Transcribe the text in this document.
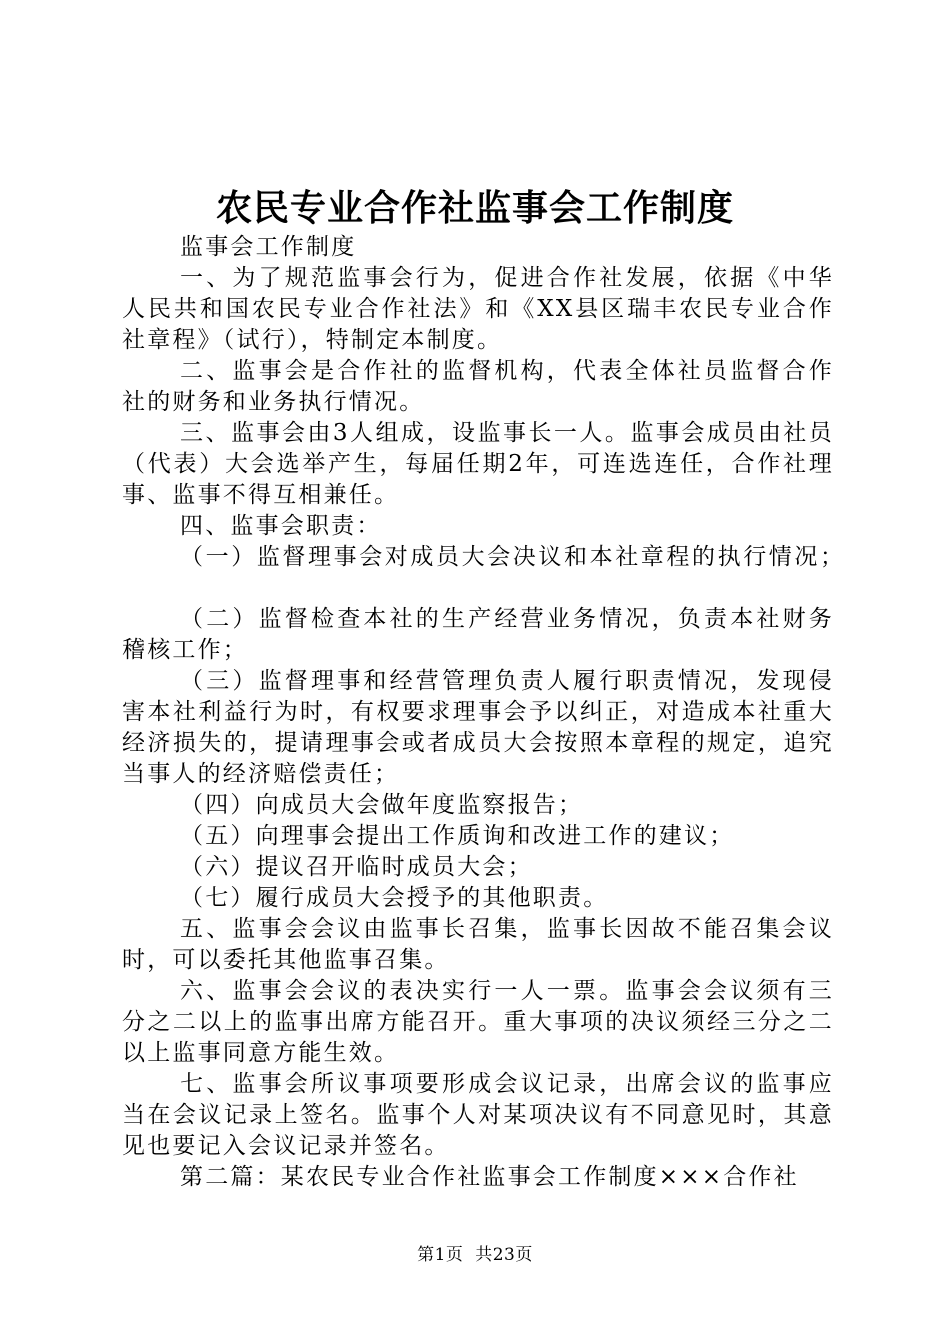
农民专业合作社监事会工作制度

监事会工作制度

一、为了规范监事会行为，促进合作社发展，依据《中华人民共和国农民专业合作社法》和《XX县区瑞丰农民专业合作社章程》（试行），特制定本制度。

二、监事会是合作社的监督机构，代表全体社员监督合作社的财务和业务执行情况。

三、监事会由3人组成，设监事长一人。监事会成员由社员（代表）大会选举产生，每届任期2年，可连选连任，合作社理事、监事不得互相兼任。

四、监事会职责：

（一）监督理事会对成员大会决议和本社章程的执行情况；

（二）监督检查本社的生产经营业务情况，负责本社财务稽核工作；

（三）监督理事和经营管理负责人履行职责情况，发现侵害本社利益行为时，有权要求理事会予以纠正，对造成本社重大经济损失的，提请理事会或者成员大会按照本章程的规定，追究当事人的经济赔偿责任；

（四）向成员大会做年度监察报告；

（五）向理事会提出工作质询和改进工作的建议；

（六）提议召开临时成员大会；

（七）履行成员大会授予的其他职责。

五、监事会会议由监事长召集，监事长因故不能召集会议时，可以委托其他监事召集。

六、监事会会议的表决实行一人一票。监事会会议须有三分之二以上的监事出席方能召开。重大事项的决议须经三分之二以上监事同意方能生效。

七、监事会所议事项要形成会议记录，出席会议的监事应当在会议记录上签名。监事个人对某项决议有不同意见时，其意见也要记入会议记录并签名。

第二篇：某农民专业合作社监事会工作制度×××合作社

第1页  共23页
